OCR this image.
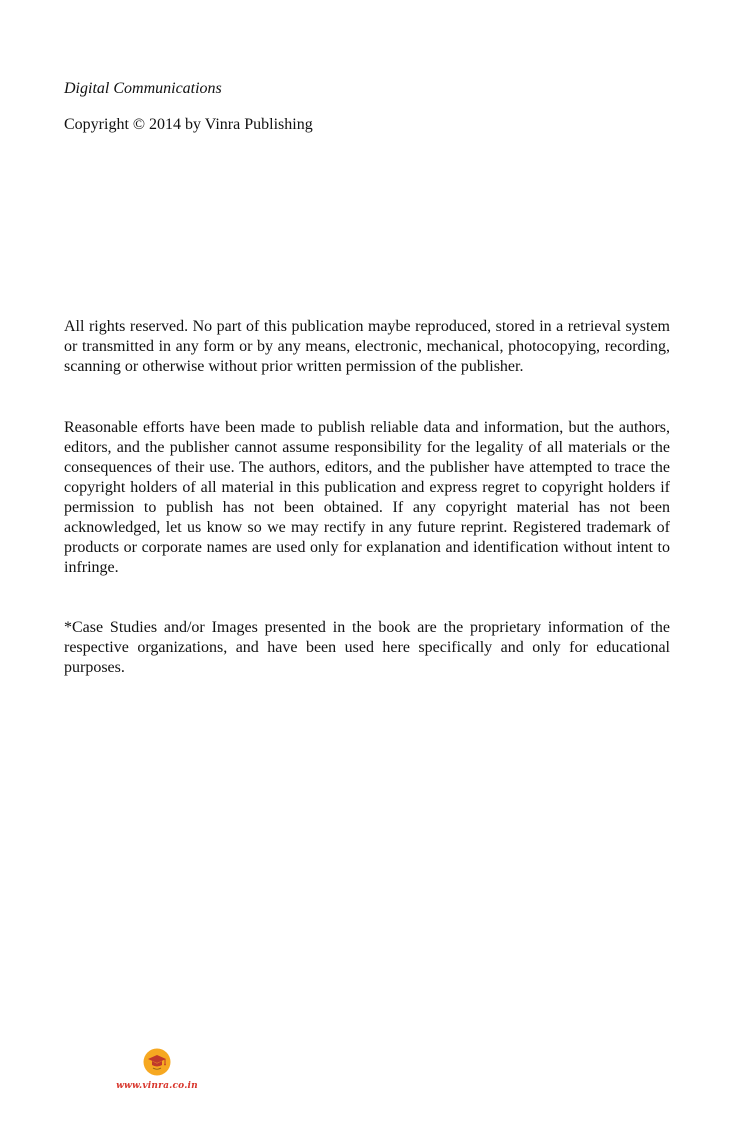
Digital Communications
Copyright © 2014 by Vinra Publishing

All rights reserved. No part of this publication maybe reproduced, stored in a retrieval system or transmitted in any form or by any means, electronic, mechanical, photocopying, recording, scanning or otherwise without prior written permission of the publisher.

Reasonable efforts have been made to publish reliable data and information, but the authors, editors, and the publisher cannot assume responsibility for the legality of all materials or the consequences of their use. The authors, editors, and the publisher have attempted to trace the copyright holders of all material in this publication and express regret to copyright holders if permission to publish has not been obtained. If any copyright material has not been acknowledged, let us know so we may rectify in any future reprint. Registered trademark of products or corporate names are used only for explanation and identification without intent to infringe.

*Case Studies and/or Images presented in the book are the proprietary information of the respective organizations, and have been used here specifically and only for educational purposes.

www.vinra.co.in
